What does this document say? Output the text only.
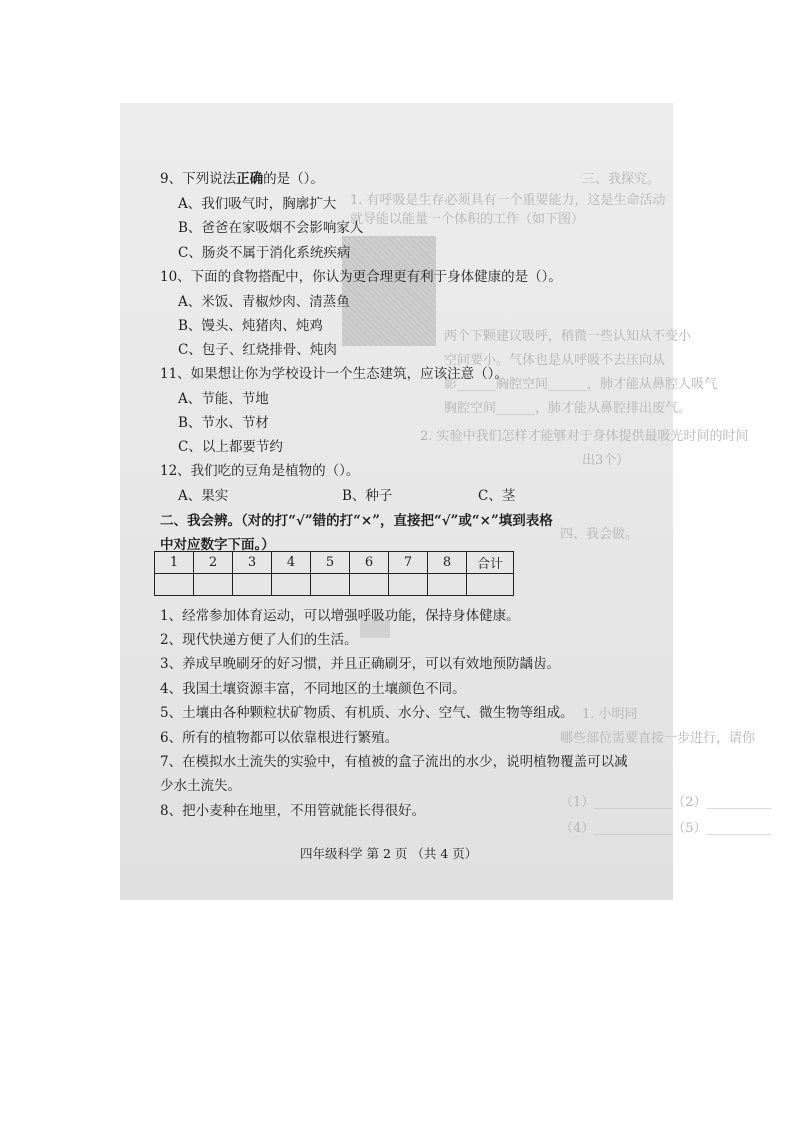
三、我探究。
1. 有呼吸是生存必须具有一个重要能力，这是生命活动
就导能以能量一个体积的工作（如下图）
两个下颗建议吸呼，稍微一些认知从不变小
空间要小。气体也是从呼吸不去压向从
影______胸腔空间______，肺才能从鼻腔人吸气
胸腔空间______，肺才能从鼻腔排出废气。
2. 实验中我们怎样才能够对于身体提供最吸光时间的时间
出3个）
四、我会做。
1. 小明同
哪些部位需要直接一步进行，请你
（1）____________（2）__________
（4）____________（5）__________
9、下列说法正确的是（）。
A、我们吸气时，胸廓扩大
B、爸爸在家吸烟不会影响家人
C、肠炎不属于消化系统疾病
10、下面的食物搭配中，你认为更合理更有利于身体健康的是（）。
A、米饭、青椒炒肉、清蒸鱼
B、馒头、炖猪肉、炖鸡
C、包子、红烧排骨、炖肉
11、如果想让你为学校设计一个生态建筑，应该注意（）。
A、节能、节地
B、节水、节材
C、以上都要节约
12、我们吃的豆角是植物的（）。
A、果实	B、种子	C、茎
二、我会辨。（对的打“√”错的打“×”，直接把“√”或“×”填到表格
中对应数字下面。）
1	2	3	4	5	6	7	8	合计

1、经常参加体育运动，可以增强呼吸功能，保持身体健康。
2、现代快递方便了人们的生活。
3、养成早晚刷牙的好习惯，并且正确刷牙，可以有效地预防龋齿。
4、我国土壤资源丰富，不同地区的土壤颜色不同。
5、土壤由各种颗粒状矿物质、有机质、水分、空气、微生物等组成。
6、所有的植物都可以依靠根进行繁殖。
7、在模拟水土流失的实验中，有植被的盒子流出的水少，说明植物覆盖可以减
少水土流失。
8、把小麦种在地里，不用管就能长得很好。
四年级科学 第 2 页 （共 4 页）
